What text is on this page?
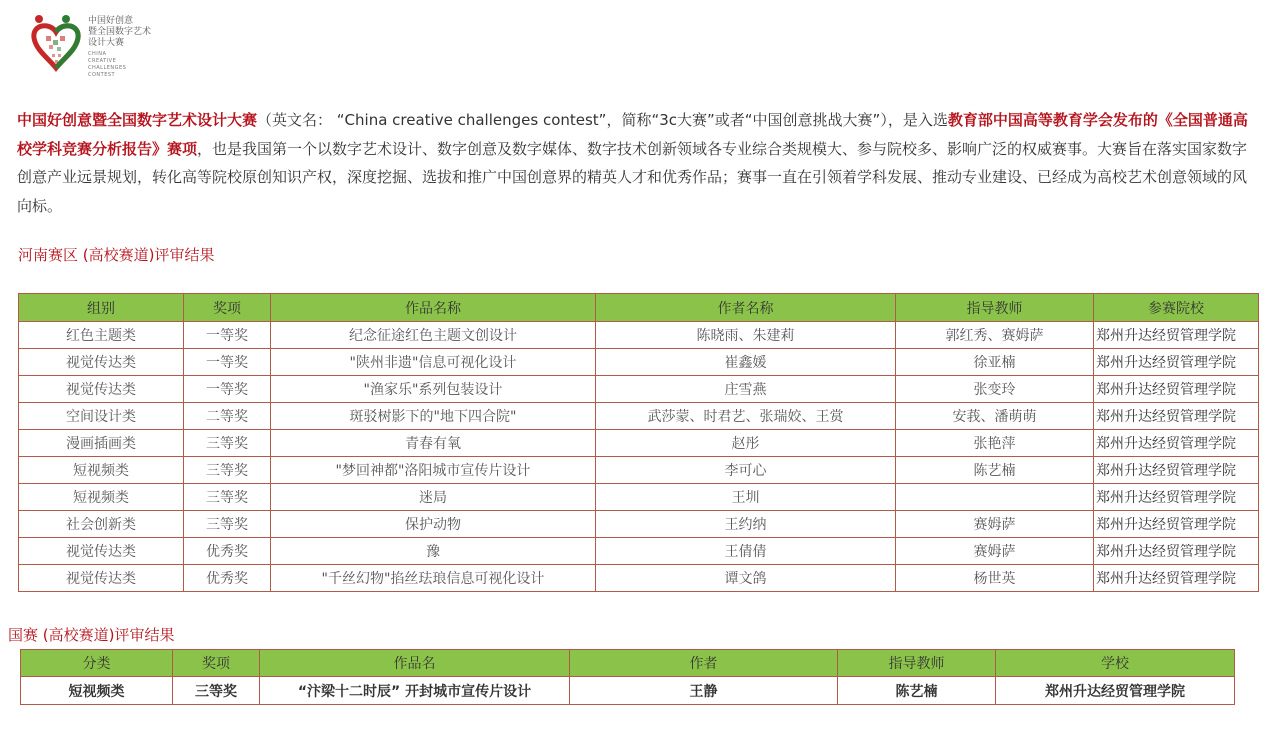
中国好创意
暨全国数字艺术
设计大赛
CHINA
CREATIVE
CHALLENGES
CONTEST
中国好创意暨全国数字艺术设计大赛（英文名： “China creative challenges contest”，简称“3c大赛”或者“中国创意挑战大赛”），是入选教育部中国高等教育学会发布的《全国普通高校学科竞赛分析报告》赛项，也是我国第一个以数字艺术设计、数字创意及数字媒体、数字技术创新领域各专业综合类规模大、参与院校多、影响广泛的权威赛事。大赛旨在落实国家数字创意产业远景规划，转化高等院校原创知识产权，深度挖掘、选拔和推广中国创意界的精英人才和优秀作品；赛事一直在引领着学科发展、推动专业建设、已经成为高校艺术创意领域的风向标。
河南赛区 (高校赛道)评审结果
组别	奖项	作品名称	作者名称	指导教师	参赛院校
红色主题类	一等奖	纪念征途红色主题文创设计	陈晓雨、朱建莉	郭红秀、赛姆萨	郑州升达经贸管理学院
视觉传达类	一等奖	"陕州非遗"信息可视化设计	崔鑫媛	徐亚楠	郑州升达经贸管理学院
视觉传达类	一等奖	"渔家乐"系列包装设计	庄雪燕	张变玲	郑州升达经贸管理学院
空间设计类	二等奖	斑驳树影下的"地下四合院"	武莎蒙、时君艺、张瑞姣、王赏	安莪、潘萌萌	郑州升达经贸管理学院
漫画插画类	三等奖	青春有氧	赵彤	张艳萍	郑州升达经贸管理学院
短视频类	三等奖	"梦回神都"洛阳城市宣传片设计	李可心	陈艺楠	郑州升达经贸管理学院
短视频类	三等奖	迷局	王圳		郑州升达经贸管理学院
社会创新类	三等奖	保护动物	王约纳	赛姆萨	郑州升达经贸管理学院
视觉传达类	优秀奖	豫	王倩倩	赛姆萨	郑州升达经贸管理学院
视觉传达类	优秀奖	"千丝幻物"掐丝珐琅信息可视化设计	谭文鸽	杨世英	郑州升达经贸管理学院
国赛 (高校赛道)评审结果
分类	奖项	作品名	作者	指导教师	学校
短视频类	三等奖	“汴梁十二时辰” 开封城市宣传片设计	王静	陈艺楠	郑州升达经贸管理学院
